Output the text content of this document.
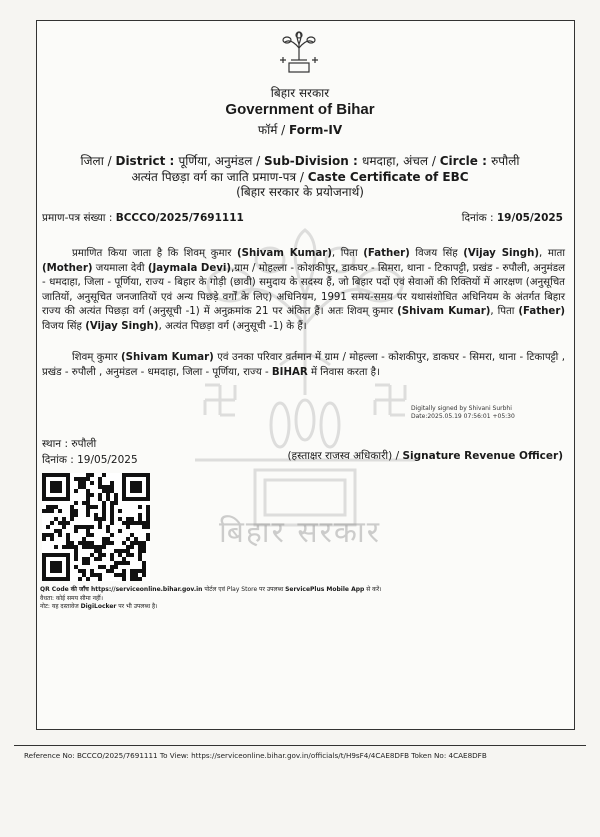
बिहार सरकार
Government of Bihar
फॉर्म / Form-IV
जिला / District : पूर्णिया, अनुमंडल / Sub-Division : धमदाहा, अंचल / Circle : रुपौली
अत्यंत पिछड़ा वर्ग का जाति प्रमाण-पत्र / Caste Certificate of EBC
(बिहार सरकार के प्रयोजनार्थ)
प्रमाण-पत्र संख्या : BCCCO/2025/7691111	दिनांक : 19/05/2025
बिहार सरकार
प्रमाणित किया जाता है कि शिवम् कुमार (Shivam Kumar), पिता (Father) विजय सिंह (Vijay Singh), माता (Mother) जयमाला देवी (Jaymala Devi),ग्राम / मोहल्ला - कोशकीपुर, डाकघर - सिमरा, थाना - टिकापट्टी, प्रखंड - रुपौली, अनुमंडल - धमदाहा, जिला - पूर्णिया, राज्य - बिहार के गोड़ी (छावी) समुदाय के सदस्य हैं, जो बिहार पदों एवं सेवाओं की रिक्तियों में आरक्षण (अनुसूचित जातियों, अनुसूचित जनजातियों एवं अन्य पिछड़े वर्गों के लिए) अधिनियम, 1991 समय-समय पर यथासंशोधित अधिनियम के अंतर्गत बिहार राज्य की अत्यंत पिछड़ा वर्ग (अनुसूची -1) में अनुक्रमांक 21 पर अंकित हैं। अतः शिवम् कुमार (Shivam Kumar), पिता (Father) विजय सिंह (Vijay Singh), अत्यंत पिछड़ा वर्ग (अनुसूची -1) के हैं।
शिवम् कुमार (Shivam Kumar) एवं उनका परिवार वर्तमान में ग्राम / मोहल्ला - कोशकीपुर, डाकघर - सिमरा, थाना - टिकापट्टी , प्रखंड - रुपौली , अनुमंडल - धमदाहा, जिला - पूर्णिया, राज्य - BIHAR में निवास करता है।
Digitally signed by Shivani Surbhi
Date:2025.05.19 07:56:01 +05:30
स्थान : रुपौली
दिनांक : 19/05/2025	(हस्ताक्षर राजस्व अधिकारी) / Signature Revenue Officer)
QR Code की जाँच https://serviceonline.bihar.gov.in पोर्टल एवं Play Store पर उपलब्ध ServicePlus Mobile App से करें।
वैधता: कोई समय सीमा नहीं।
नोट: यह दस्तावेज DigiLocker पर भी उपलब्ध है।
Reference No: BCCCO/2025/7691111 To View: https://serviceonline.bihar.gov.in/officials/t/H9sF4/4CAE8DFB Token No: 4CAE8DFB
